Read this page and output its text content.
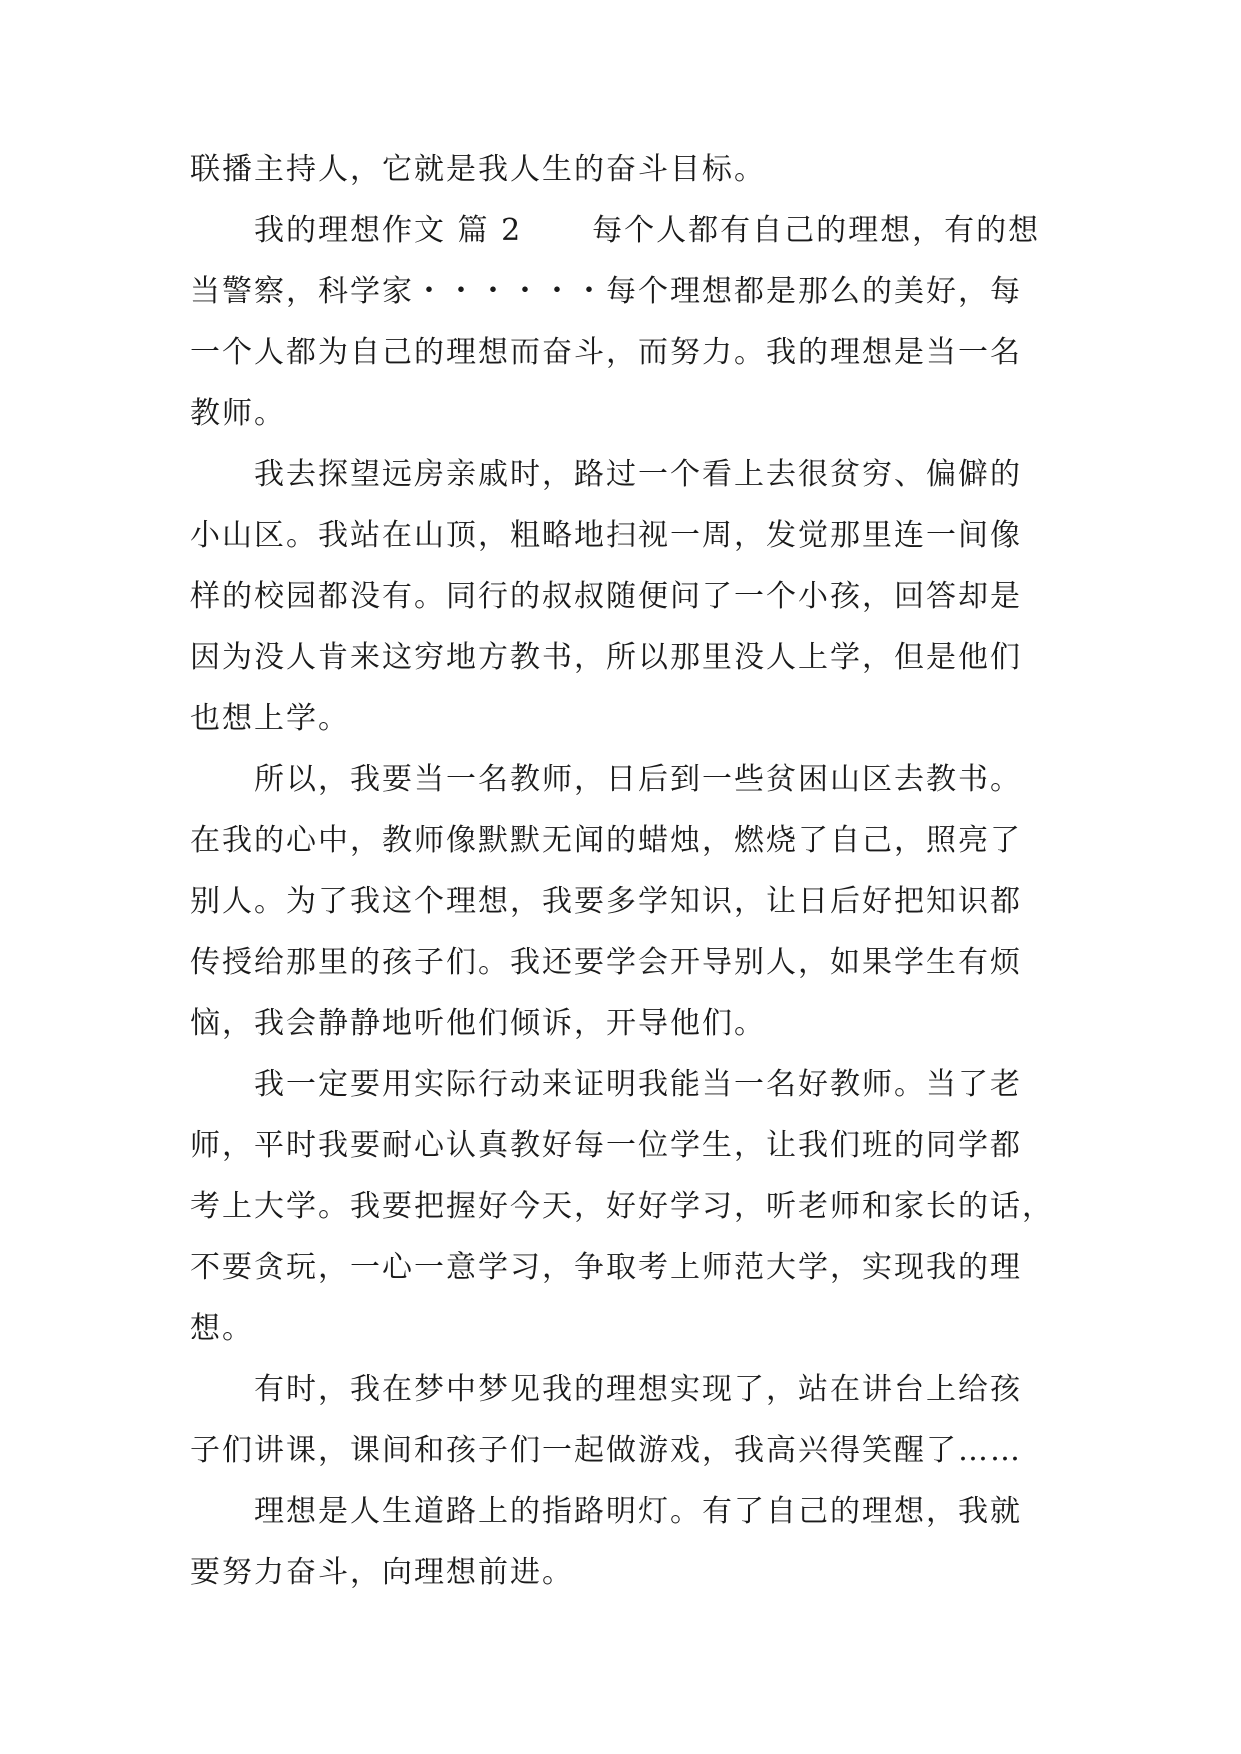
联播主持人，它就是我人生的奋斗目标。
我的理想作文 篇 2 每个人都有自己的理想，有的想
当警察，科学家・・・・・・每个理想都是那么的美好，每
一个人都为自己的理想而奋斗，而努力。我的理想是当一名
教师。
我去探望远房亲戚时，路过一个看上去很贫穷、偏僻的
小山区。我站在山顶，粗略地扫视一周，发觉那里连一间像
样的校园都没有。同行的叔叔随便问了一个小孩，回答却是
因为没人肯来这穷地方教书，所以那里没人上学，但是他们
也想上学。
所以，我要当一名教师，日后到一些贫困山区去教书。
在我的心中，教师像默默无闻的蜡烛，燃烧了自己，照亮了
别人。为了我这个理想，我要多学知识，让日后好把知识都
传授给那里的孩子们。我还要学会开导别人，如果学生有烦
恼，我会静静地听他们倾诉，开导他们。
我一定要用实际行动来证明我能当一名好教师。当了老
师，平时我要耐心认真教好每一位学生，让我们班的同学都
考上大学。我要把握好今天，好好学习，听老师和家长的话，
不要贪玩，一心一意学习，争取考上师范大学，实现我的理
想。
有时，我在梦中梦见我的理想实现了，站在讲台上给孩
子们讲课，课间和孩子们一起做游戏，我高兴得笑醒了……
理想是人生道路上的指路明灯。有了自己的理想，我就
要努力奋斗，向理想前进。
